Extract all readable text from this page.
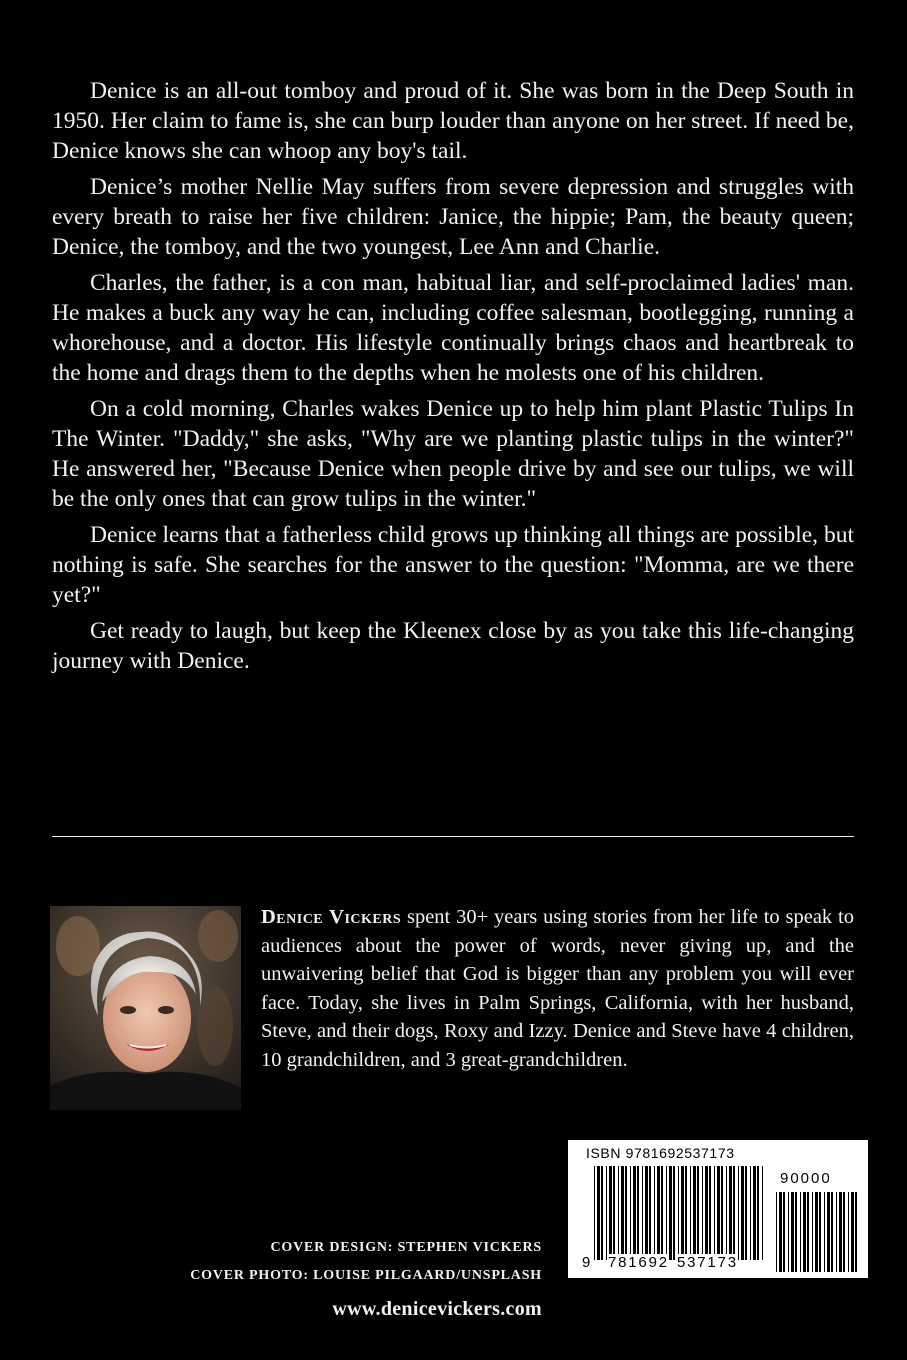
Denice is an all-out tomboy and proud of it. She was born in the Deep South in 1950. Her claim to fame is, she can burp louder than anyone on her street. If need be, Denice knows she can whoop any boy's tail.

Denice’s mother Nellie May suffers from severe depression and struggles with every breath to raise her five children: Janice, the hippie; Pam, the beauty queen; Denice, the tomboy, and the two youngest, Lee Ann and Charlie.

Charles, the father, is a con man, habitual liar, and self-proclaimed ladies' man. He makes a buck any way he can, including coffee salesman, bootlegging, running a whorehouse, and a doctor. His lifestyle continually brings chaos and heartbreak to the home and drags them to the depths when he molests one of his children.

On a cold morning, Charles wakes Denice up to help him plant Plastic Tulips In The Winter. "Daddy," she asks, "Why are we planting plastic tulips in the winter?" He answered her, "Because Denice when people drive by and see our tulips, we will be the only ones that can grow tulips in the winter."

Denice learns that a fatherless child grows up thinking all things are possible, but nothing is safe. She searches for the answer to the question: "Momma, are we there yet?"

Get ready to laugh, but keep the Kleenex close by as you take this life-changing journey with Denice.

Denice Vickers spent 30+ years using stories from her life to speak to audiences about the power of words, never giving up, and the unwaivering belief that God is bigger than any problem you will ever face. Today, she lives in Palm Springs, California, with her husband, Steve, and their dogs, Roxy and Izzy. Denice and Steve have 4 children, 10 grandchildren, and 3 great-grandchildren.

COVER DESIGN: STEPHEN VICKERS
COVER PHOTO: LOUISE PILGAARD/UNSPLASH
www.denicevickers.com
ISBN 9781692537173
90000
9 781692 537173
